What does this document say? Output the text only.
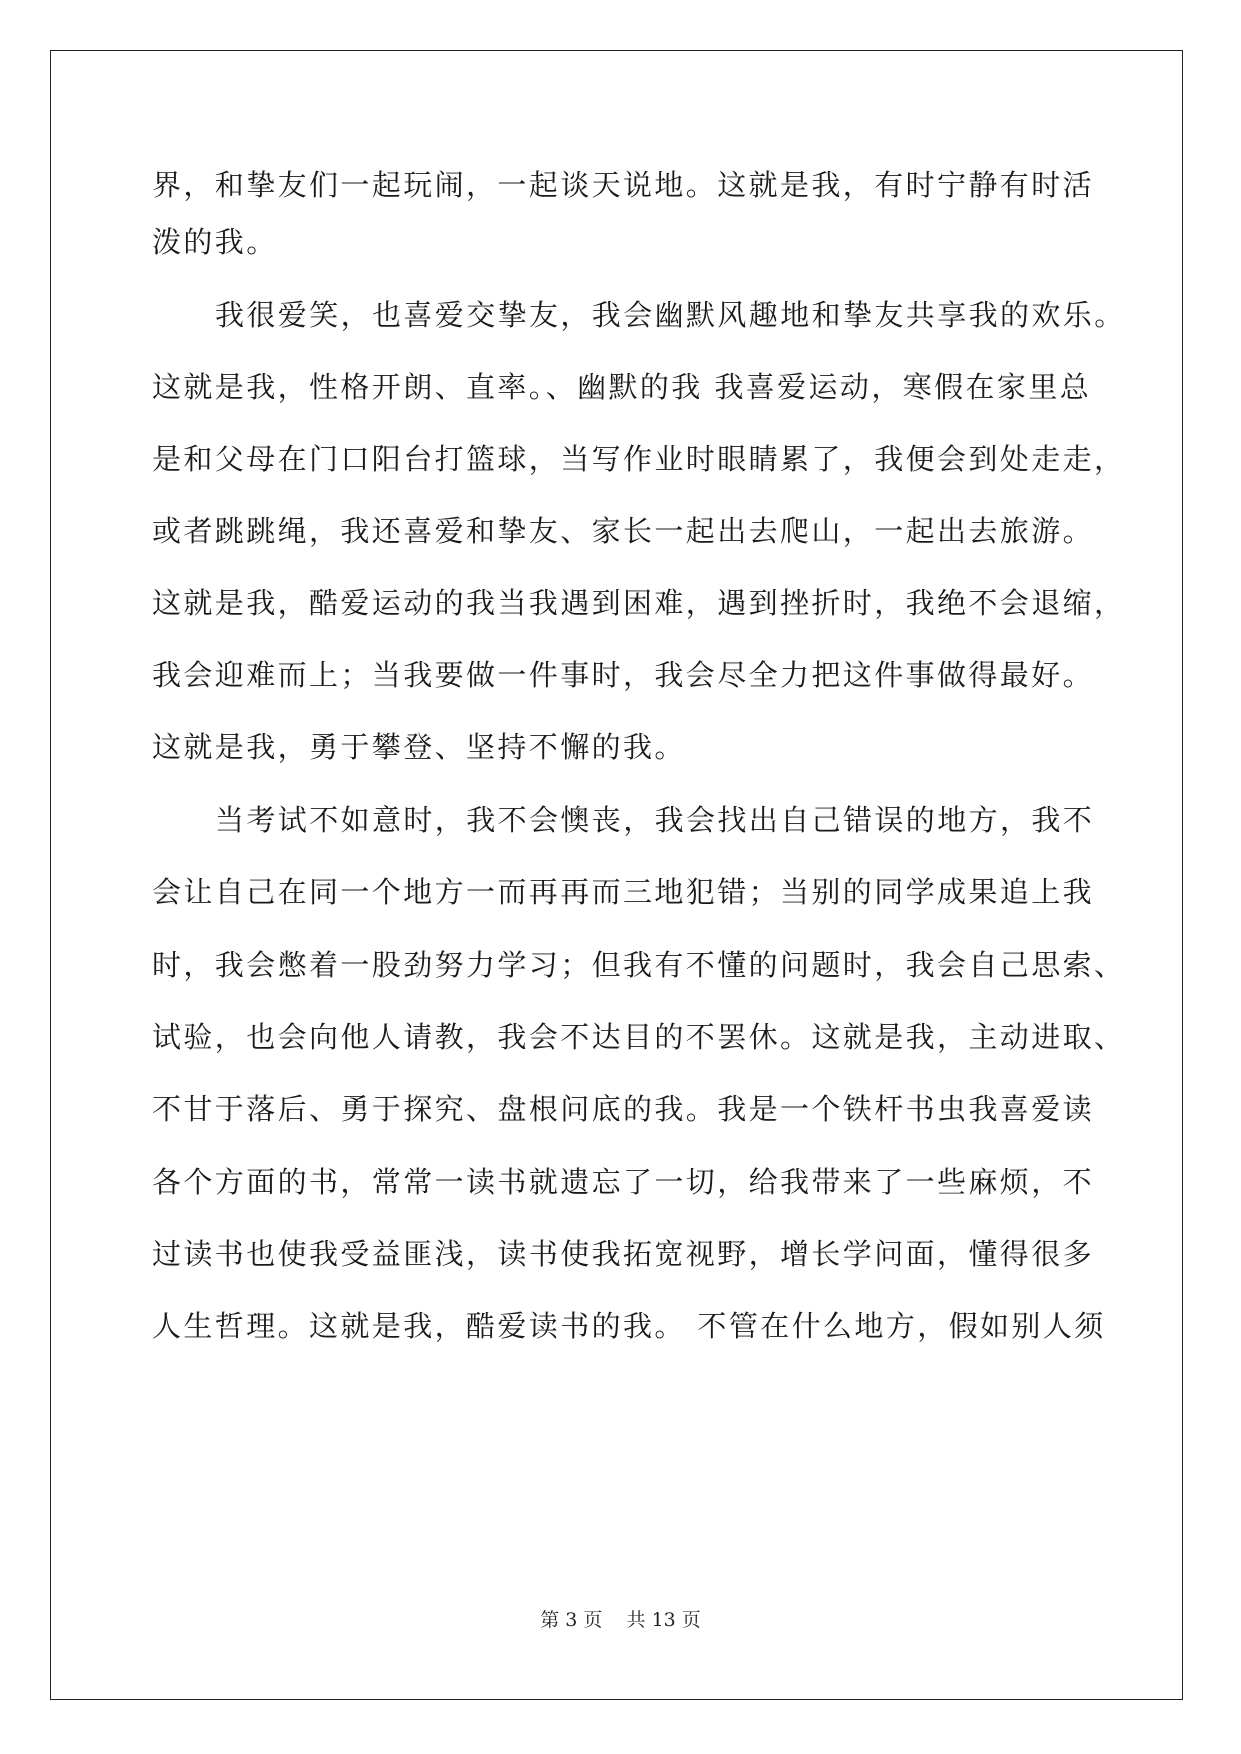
界，和挚友们一起玩闹，一起谈天说地。这就是我，有时宁静有时活
泼的我。
我很爱笑，也喜爱交挚友，我会幽默风趣地和挚友共享我的欢乐。
这就是我，性格开朗、直率。、幽默的我 我喜爱运动，寒假在家里总
是和父母在门口阳台打篮球，当写作业时眼睛累了，我便会到处走走，
或者跳跳绳，我还喜爱和挚友、家长一起出去爬山，一起出去旅游。
这就是我，酷爱运动的我当我遇到困难，遇到挫折时，我绝不会退缩，
我会迎难而上；当我要做一件事时，我会尽全力把这件事做得最好。
这就是我，勇于攀登、坚持不懈的我。
当考试不如意时，我不会懊丧，我会找出自己错误的地方，我不
会让自己在同一个地方一而再再而三地犯错；当别的同学成果追上我
时，我会憋着一股劲努力学习；但我有不懂的问题时，我会自己思索、
试验，也会向他人请教，我会不达目的不罢休。这就是我，主动进取、
不甘于落后、勇于探究、盘根问底的我。我是一个铁杆书虫我喜爱读
各个方面的书，常常一读书就遗忘了一切，给我带来了一些麻烦，不
过读书也使我受益匪浅，读书使我拓宽视野，增长学问面，懂得很多
人生哲理。这就是我，酷爱读书的我。 不管在什么地方，假如别人须
第 3 页    共 13 页
